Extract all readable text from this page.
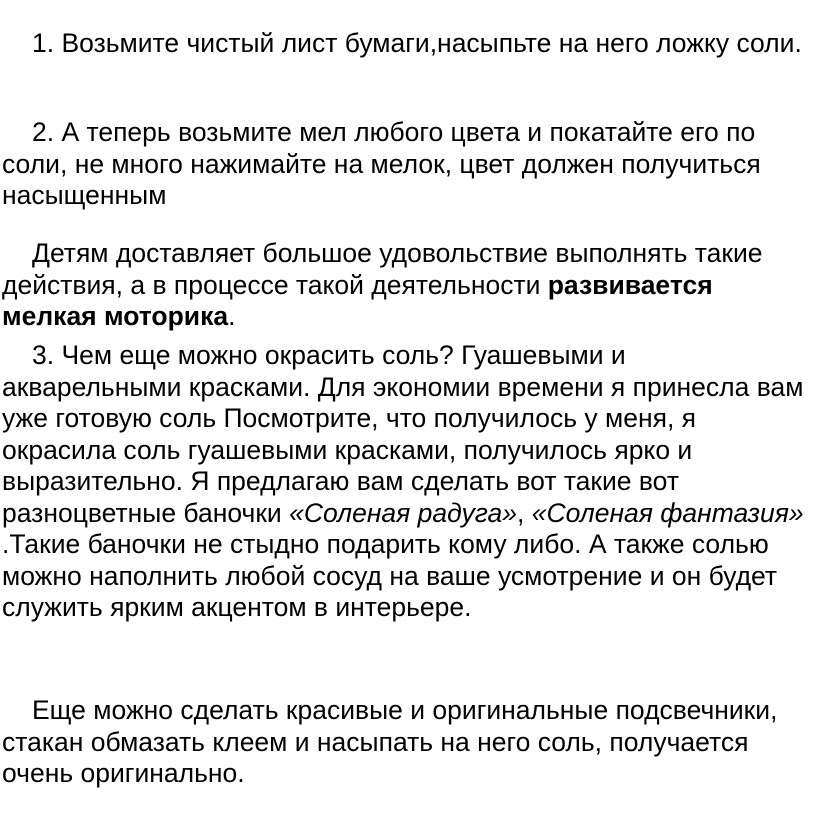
1. Возьмите чистый лист бумаги,насыпьте на него ложку соли.

2. А теперь возьмите мел любого цвета и покатайте его по соли, не много нажимайте на мелок, цвет должен получиться насыщенным

Детям доставляет большое удовольствие выполнять такие действия, а в процессе такой деятельности развивается мелкая моторика.

3. Чем еще можно окрасить соль? Гуашевыми и акварельными красками. Для экономии времени я принесла вам уже готовую соль Посмотрите, что получилось у меня, я окрасила соль гуашевыми красками, получилось ярко и выразительно. Я предлагаю вам сделать вот такие вот разноцветные баночки «Соленая радуга», «Соленая фантазия» .Такие баночки не стыдно подарить кому либо. А также солью можно наполнить любой сосуд на ваше усмотрение и он будет служить ярким акцентом в интерьере.

Еще можно сделать красивые и оригинальные подсвечники, стакан обмазать клеем и насыпать на него соль, получается очень оригинально.
